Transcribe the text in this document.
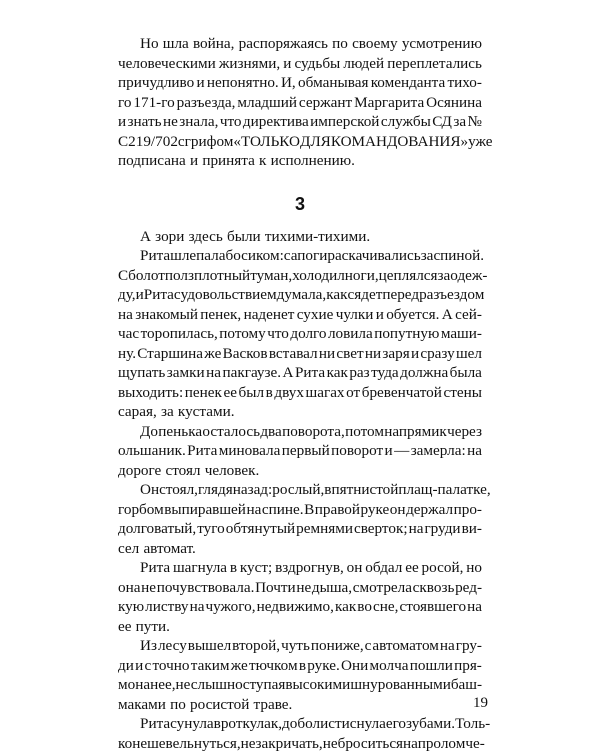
Но шла война, распоряжаясь по своему усмотрению
человеческими жизнями, и судьбы людей переплетались
причудливо и непонятно. И, обманывая коменданта тихо-
го 171-го разъезда, младший сержант Маргарита Осянина
и знать не знала, что директива имперской службы СД за №
С219/702 с грифом «ТОЛЬКО ДЛЯ КОМАНДОВАНИЯ» уже
подписана и принята к исполнению.
3
А зори здесь были тихими-тихими.
Рита шлепала босиком: сапоги раскачивались за спиной.
С болот полз плотный туман, холодил ноги, цеплялся за одеж-
ду, и Рита с удовольствием думала, как сядет перед разъездом
на знакомый пенек, наденет сухие чулки и обуется. А сей-
час торопилась, потому что долго ловила попутную маши-
ну. Старшина же Васков вставал ни свет ни заря и сразу шел
щупать замки на пакгаузе. А Рита как раз туда должна была
выходить: пенек ее был в двух шагах от бревенчатой стены
сарая, за кустами.
До пенька осталось два поворота, потом напрямик через
ольшаник. Рита миновала первый поворот и — замерла: на
дороге стоял человек.
Он стоял, глядя назад: рослый, в пятнистой плащ-палатке,
горбом выпиравшей на спине. В правой руке он держал про-
долговатый, туго обтянутый ремнями сверток; на груди ви-
сел автомат.
Рита шагнула в куст; вздрогнув, он обдал ее росой, но
она не почувствовала. Почти не дыша, смотрела сквозь ред-
кую листву на чужого, недвижимо, как во сне, стоявшего на
ее пути.
Из лесу вышел второй, чуть пониже, с автоматом на гру-
ди и с точно таким же тючком в руке. Они молча пошли пря-
мо на нее, неслышно ступая высокими шнурованными баш-
маками по росистой траве.
Рита сунула в рот кулак, до боли стиснула его зубами. Толь-
ко не шевельнуться, не закричать, не броситься напролом че-
19
